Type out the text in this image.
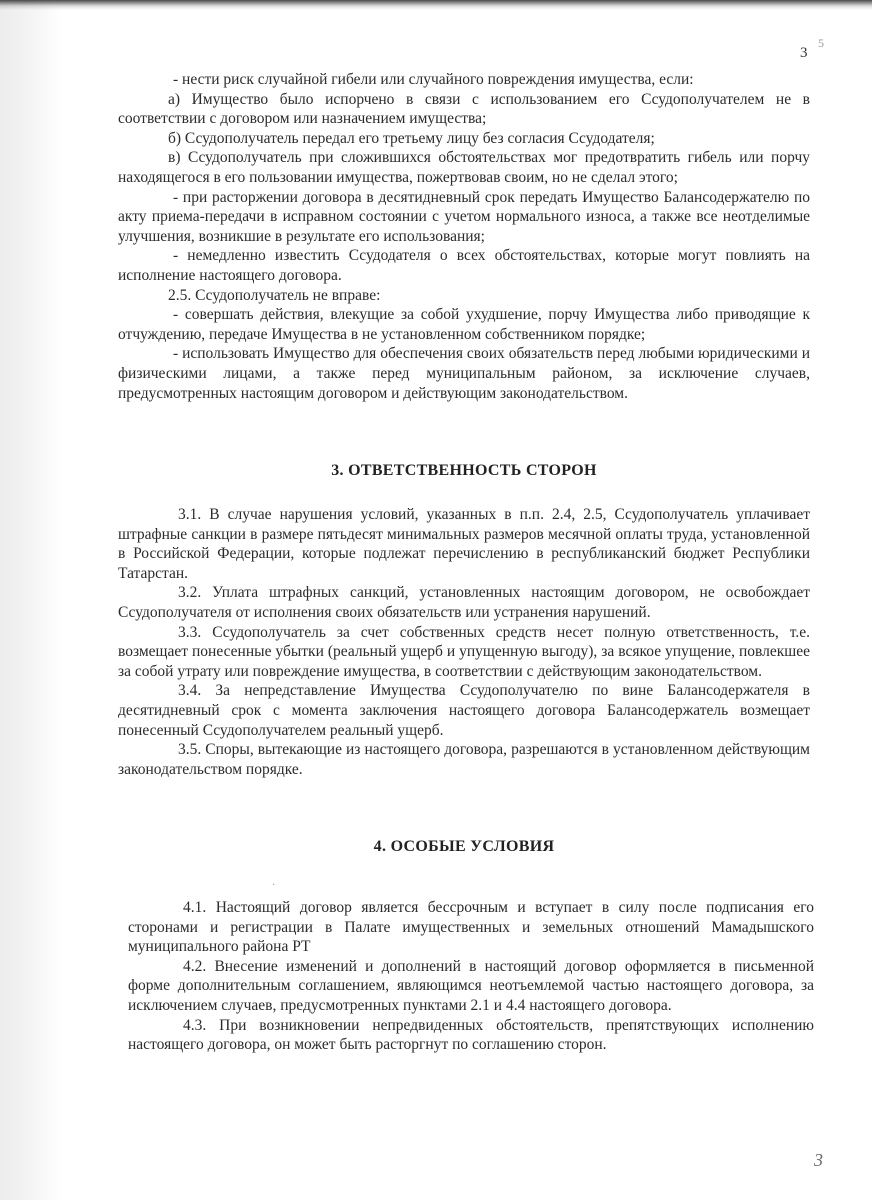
3
5

- нести риск случайной гибели или случайного повреждения имущества, если:

а) Имущество было испорчено в связи с использованием его Ссудополучателем не в соответствии с договором или назначением имущества;

б) Ссудополучатель передал его третьему лицу без согласия Ссудодателя;

в) Ссудополучатель при сложившихся обстоятельствах мог предотвратить гибель или порчу находящегося в его пользовании имущества, пожертвовав своим, но не сделал этого;

- при расторжении договора в десятидневный срок передать Имущество Балансодержателю по акту приема-передачи в исправном состоянии с учетом нормального износа, а также все неотделимые улучшения, возникшие в результате его использования;

- немедленно известить Ссудодателя о всех обстоятельствах, которые могут повлиять на исполнение настоящего договора.

2.5. Ссудополучатель не вправе:

- совершать действия, влекущие за собой ухудшение, порчу Имущества либо приводящие к отчуждению, передаче Имущества в не установленном собственником порядке;

- использовать Имущество для обеспечения своих обязательств перед любыми юридическими и физическими лицами, а также перед муниципальным районом, за исключение случаев, предусмотренных настоящим договором и действующим законодательством.

3. ОТВЕТСТВЕННОСТЬ СТОРОН

3.1. В случае нарушения условий, указанных в п.п. 2.4, 2.5, Ссудополучатель уплачивает штрафные санкции в размере пятьдесят минимальных размеров месячной оплаты труда, установленной в Российской Федерации, которые подлежат перечислению в республиканский бюджет Республики Татарстан.

3.2. Уплата штрафных санкций, установленных настоящим договором, не освобождает Ссудополучателя от исполнения своих обязательств или устранения нарушений.

3.3. Ссудополучатель за счет собственных средств несет полную ответственность, т.е. возмещает понесенные убытки (реальный ущерб и упущенную выгоду), за всякое упущение, повлекшее за собой утрату или повреждение имущества, в соответствии с действующим законодательством.

3.4. За непредставление Имущества Ссудополучателю по вине Балансодержателя в десятидневный срок с момента заключения настоящего договора Балансодержатель возмещает понесенный Ссудополучателем реальный ущерб.

3.5. Споры, вытекающие из настоящего договора, разрешаются в установленном действующим законодательством порядке.

4. ОСОБЫЕ УСЛОВИЯ
·

4.1. Настоящий договор является бессрочным и вступает в силу после подписания его сторонами и регистрации в Палате имущественных и земельных отношений Мамадышского муниципального района РТ

4.2. Внесение изменений и дополнений в настоящий договор оформляется в письменной форме дополнительным соглашением, являющимся неотъемлемой частью настоящего договора, за исключением случаев, предусмотренных пунктами 2.1 и 4.4 настоящего договора.

4.3. При возникновении непредвиденных обстоятельств, препятствующих исполнению настоящего договора, он может быть расторгнут по соглашению сторон.

3
